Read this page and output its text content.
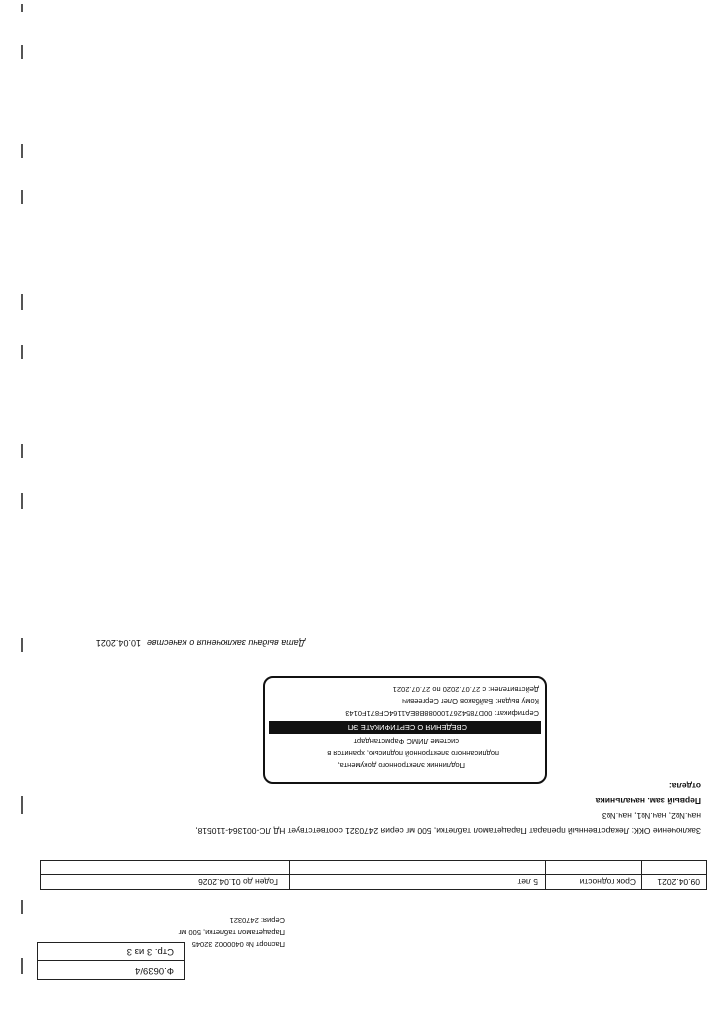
Ф.0639/4
Стр. 3 из 3
Паспорт № 0400002 32045
Парацетамол таблетки, 500 мг
Серия: 2470321
09.04.2021
Срок годности
5 лет
Годен до 01.04.2026
Заключение ОКК: Лекарственный препарат Парацетамол таблетки, 500 мг серия 2470321 соответствует НД ЛС-001364-110518,
нач.№2, нач.№1, нач.№3
Первый зам. начальника
отдела:
Подлинник электронного документа,
подписанного электронной подписью, хранится в
системе ЛИМС Фармстандарт
СВЕДЕНИЯ О СЕРТИФИКАТЕ ЭП
Сертификат: 00D7854267100088B8EA1164CF871F0143
Кому выдан: Байбаков Олег Сергеевич
Действителен: с 27.07.2020 по 27.07.2021
Дата выдачи заключения о качестве10.04.2021
